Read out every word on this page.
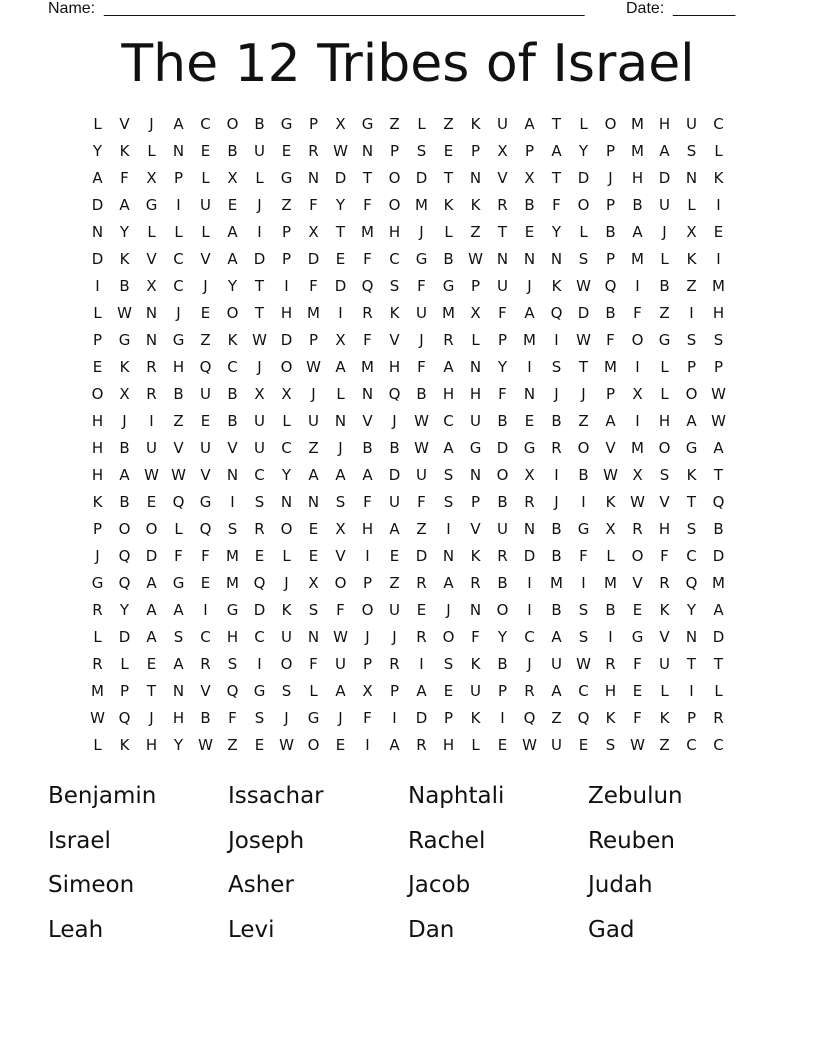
Name: ______________________________________________________	Date: _______
The 12 Tribes of Israel
L	V	J	A	C	O	B	G	P	X	G	Z	L	Z	K	U	A	T	L	O M H	U	C
Y	K	L	N	E	B	U	E	R W N	P	S	E	P	X	P	A	Y	P	M	A	S	L
A	F	X	P	L	X	L	G	N	D	T	O	D	T	N	V	X	T	D	J	H	D	N	K
D	A	G	I	U	E	J	Z	F	Y	F	O M	K	K	R	B	F	O	P	B	U	L	I
N	Y	L	L	L	A	I	P	X	T	M H	J	L	Z	T	E	Y	L	B	A	J	X	E
D	K	V	C	V	A	D	P	D	E	F	C	G	B W N	N	N	S	P	M	L	K	I
I	B	X	C	J	Y	T	I	F	D	Q	S	F	G	P	U	J	K W Q	I	B	Z	M
L	W N	J	E	O	T	H M	I	R	K	U	M	X	F	A	Q	D	B	F	Z	I	H
P	G	N	G	Z	K W D	P	X	F	V	J	R	L	P	M	I	W	F	O	G	S	S
E	K	R	H	Q	C	J	O W A	M H	F	A	N	Y	I	S	T	M	I	L	P	P
O	X	R	B	U	B	X	X	J	L	N	Q	B	H	H	F	N	J	J	P	X	L	O W
H	J	I	Z	E	B	U	L	U	N	V	J	W C	U	B	E	B	Z	A	I	H	A W
H	B	U	V	U	V	U	C	Z	J	B	B W A	G	D	G	R	O	V	M O	G	A
H	A W W V	N	C	Y	A	A	A	D	U	S	N	O	X	I	B W X	S	K	T
K	B	E	Q	G	I	S	N	N	S	F	U	F	S	P	B	R	J	I	K W V	T	Q
P	O	O	L	Q	S	R	O	E	X	H	A	Z	I	V	U	N	B	G	X	R	H	S	B
J	Q	D	F	F	M	E	L	E	V	I	E	D	N	K	R	D	B	F	L	O	F	C	D
G	Q	A	G	E	M Q	J	X	O	P	Z	R	A	R	B	I	M	I	M	V	R	Q M
R	Y	A	A	I	G	D	K	S	F	O	U	E	J	N	O	I	B	S	B	E	K	Y	A
L	D	A	S	C	H	C	U	N W	J	J	R	O	F	Y	C	A	S	I	G	V	N	D
R	L	E	A	R	S	I	O	F	U	P	R	I	S	K	B	J	U W R	F	U	T	T
M	P	T	N	V	Q	G	S	L	A	X	P	A	E	U	P	R	A	C	H	E	L	I	L
W Q	J	H	B	F	S	J	G	J	F	I	D	P	K	I	Q	Z	Q	K	F	K	P	R
L	K	H	Y	W Z	E W O	E	I	A	R	H	L	E W U	E	S W Z	C	C
Benjamin	Issachar	Naphtali	Zebulun
Israel	Joseph	Rachel	Reuben
Simeon	Asher	Jacob	Judah
Leah	Levi	Dan	Gad
